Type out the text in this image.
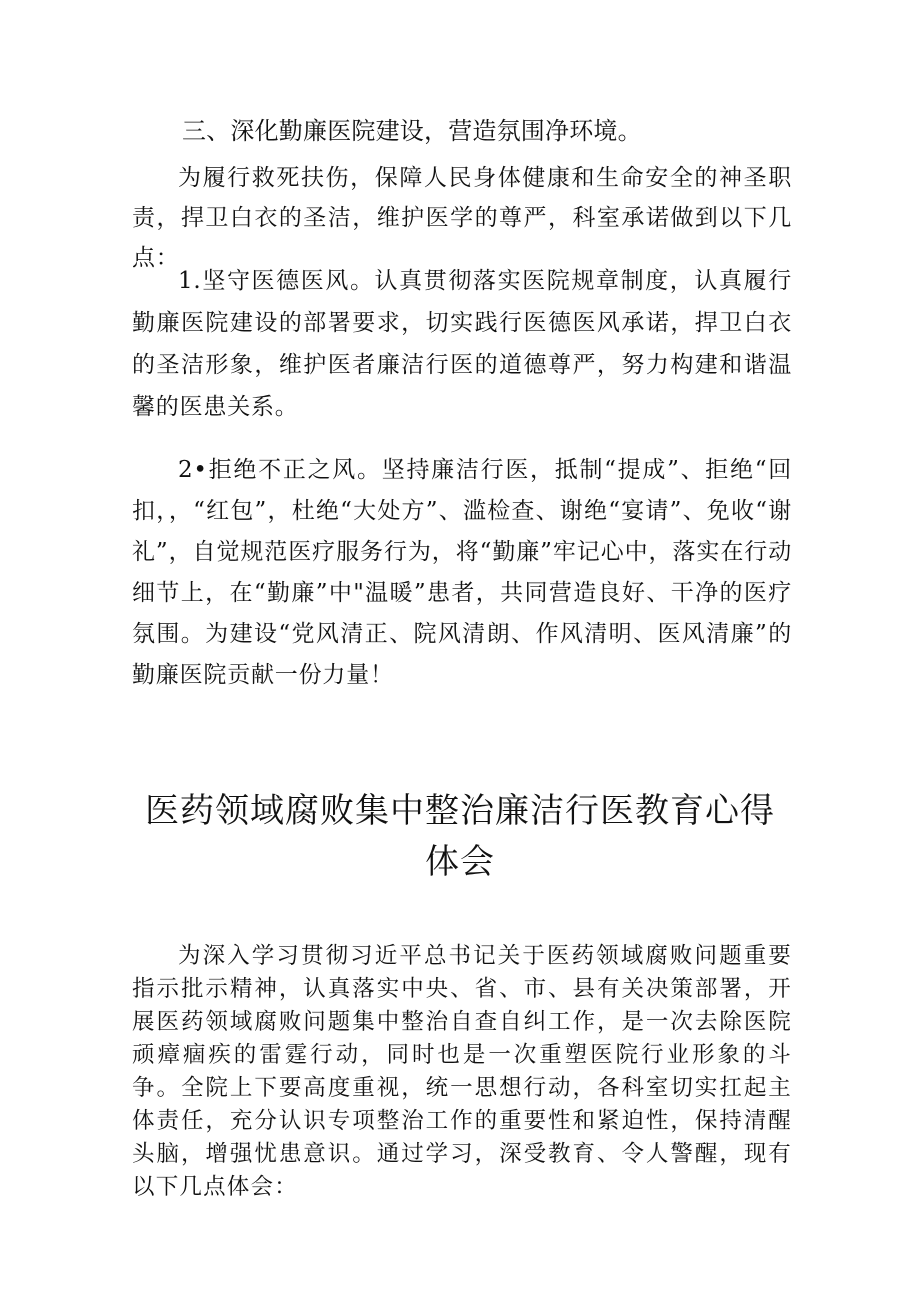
三、深化勤廉医院建设，营造氛围净环境。

为履行救死扶伤，保障人民身体健康和生命安全的神圣职责，捍卫白衣的圣洁，维护医学的尊严，科室承诺做到以下几点：

1.坚守医德医风。认真贯彻落实医院规章制度，认真履行勤廉医院建设的部署要求，切实践行医德医风承诺，捍卫白衣的圣洁形象，维护医者廉洁行医的道德尊严，努力构建和谐温馨的医患关系。

2•拒绝不正之风。坚持廉洁行医，抵制“提成”、拒绝“回扣，，“红包”，杜绝“大处方”、滥检查、谢绝“宴请”、免收“谢礼”，自觉规范医疗服务行为，将“勤廉”牢记心中，落实在行动细节上，在“勤廉”中"温暖”患者，共同营造良好、干净的医疗氛围。为建设“党风清正、院风清朗、作风清明、医风清廉”的勤廉医院贡献一份力量！

医药领域腐败集中整治廉洁行医教育心得
体会

为深入学习贯彻习近平总书记关于医药领域腐败问题重要指示批示精神，认真落实中央、省、市、县有关决策部署，开展医药领域腐败问题集中整治自查自纠工作，是一次去除医院顽瘴痼疾的雷霆行动，同时也是一次重塑医院行业形象的斗争。全院上下要高度重视，统一思想行动，各科室切实扛起主体责任，充分认识专项整治工作的重要性和紧迫性，保持清醒头脑，增强忧患意识。通过学习，深受教育、令人警醒，现有以下几点体会：
